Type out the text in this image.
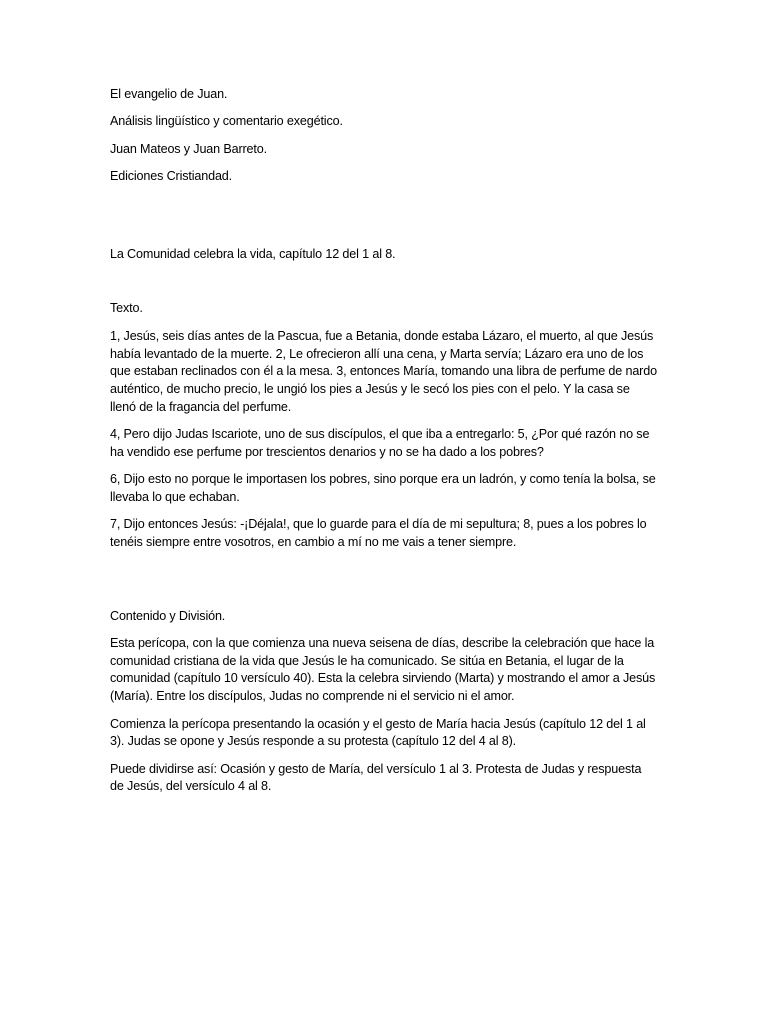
El evangelio de Juan.

Análisis lingüístico y comentario exegético.

Juan Mateos y Juan Barreto.

Ediciones Cristiandad.

La Comunidad celebra la vida, capítulo 12 del 1 al 8.

Texto.

1, Jesús, seis días antes de la Pascua, fue a Betania, donde estaba Lázaro, el muerto, al que Jesús había levantado de la muerte. 2, Le ofrecieron allí una cena, y Marta servía; Lázaro era uno de los que estaban reclinados con él a la mesa. 3, entonces María, tomando una libra de perfume de nardo auténtico, de mucho precio, le ungió los pies a Jesús y le secó los pies con el pelo. Y la casa se llenó de la fragancia del perfume.

4, Pero dijo Judas Iscariote, uno de sus discípulos, el que iba a entregarlo: 5, ¿Por qué razón no se ha vendido ese perfume por trescientos denarios y no se ha dado a los pobres?

6, Dijo esto no porque le importasen los pobres, sino porque era un ladrón, y como tenía la bolsa, se llevaba lo que echaban.

7, Dijo entonces Jesús: -¡Déjala!, que lo guarde para el día de mi sepultura; 8, pues a los pobres lo tenéis siempre entre vosotros, en cambio a mí no me vais a tener siempre.

Contenido y División.

Esta perícopa, con la que comienza una nueva seisena de días, describe la celebración que hace la comunidad cristiana de la vida que Jesús le ha comunicado. Se sitúa en Betania, el lugar de la comunidad (capítulo 10 versículo 40). Esta la celebra sirviendo (Marta) y mostrando el amor a Jesús (María). Entre los discípulos, Judas no comprende ni el servicio ni el amor.

Comienza la perícopa presentando la ocasión y el gesto de María hacia Jesús (capítulo 12 del 1 al 3). Judas se opone y Jesús responde a su protesta (capítulo 12 del 4 al 8).

Puede dividirse así: Ocasión y gesto de María, del versículo 1 al 3. Protesta de Judas y respuesta de Jesús, del versículo 4 al 8.
